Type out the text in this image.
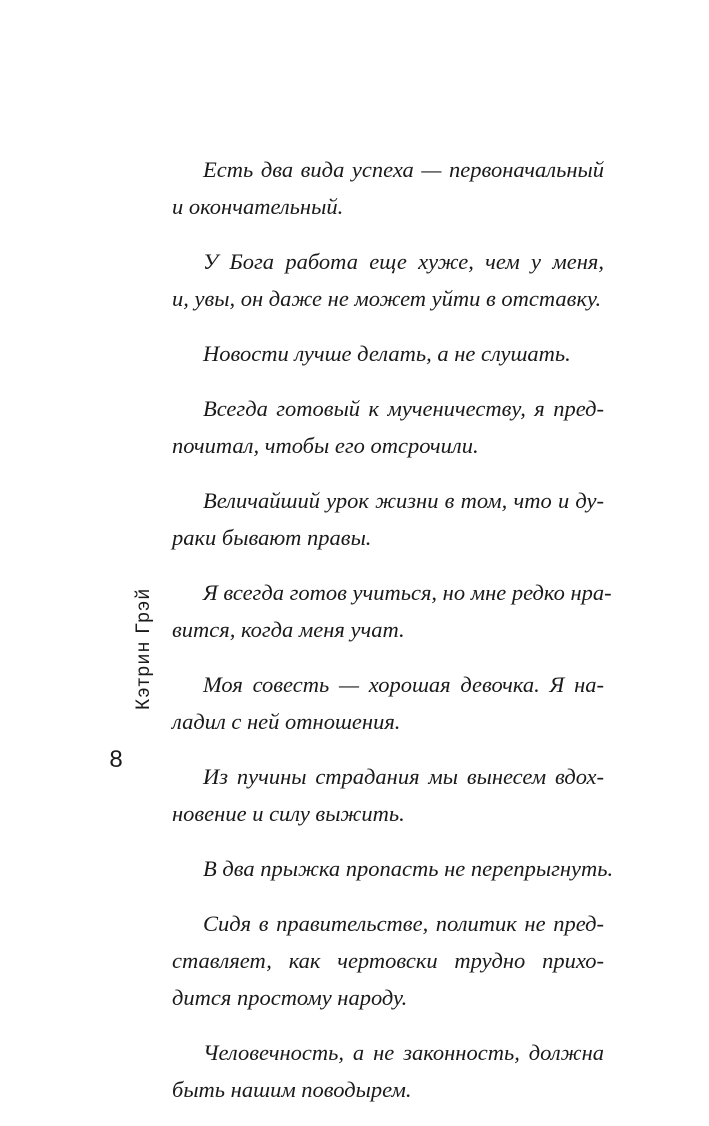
Кэтрин Грэй
8

Есть два вида успеха — первоначальный
и окончательный.

У Бога работа еще хуже, чем у меня,
и, увы, он даже не может уйти в отставку.

Новости лучше делать, а не слушать.

Всегда готовый к мученичеству, я пред-
почитал, чтобы его отсрочили.

Величайший урок жизни в том, что и ду-
раки бывают правы.

Я всегда готов учиться, но мне редко нра-
вится, когда меня учат.

Моя совесть — хорошая девочка. Я на-
ладил с ней отношения.

Из пучины страдания мы вынесем вдох-
новение и силу выжить.

В два прыжка пропасть не перепрыгнуть.

Сидя в правительстве, политик не пред-
ставляет, как чертовски трудно прихо-
дится простому народу.

Человечность, а не законность, должна
быть нашим поводырем.
